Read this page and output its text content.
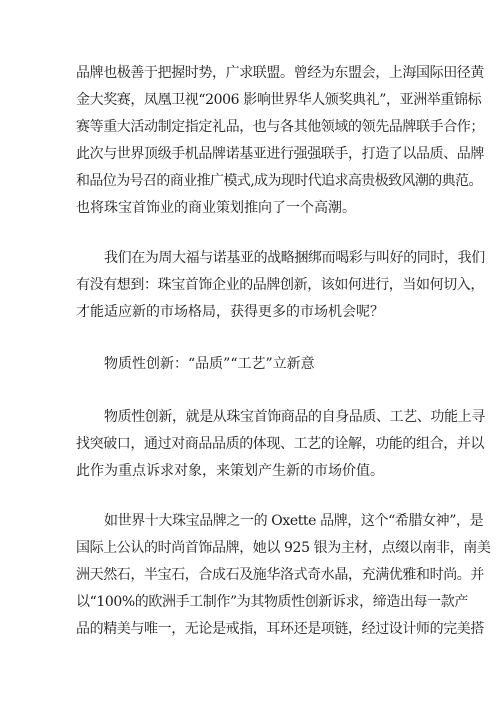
品牌也极善于把握时势，广求联盟。曾经为东盟会，上海国际田径黄
金大奖赛，凤凰卫视“2006 影响世界华人颁奖典礼”，亚洲举重锦标
赛等重大活动制定指定礼品，也与各其他领域的领先品牌联手合作；
此次与世界顶级手机品牌诺基亚进行强强联手，打造了以品质、品牌
和品位为号召的商业推广模式,成为现时代追求高贵极致风潮的典范。
也将珠宝首饰业的商业策划推向了一个高潮。
我们在为周大福与诺基亚的战略捆绑而喝彩与叫好的同时，我们
有没有想到：珠宝首饰企业的品牌创新，该如何进行，当如何切入，
才能适应新的市场格局，获得更多的市场机会呢？
物质性创新：“品质”“工艺”立新意
物质性创新，就是从珠宝首饰商品的自身品质、工艺、功能上寻
找突破口，通过对商品品质的体现、工艺的诠解，功能的组合，并以
此作为重点诉求对象，来策划产生新的市场价值。
如世界十大珠宝品牌之一的 Oxette 品牌，这个“希腊女神”，是
国际上公认的时尚首饰品牌，她以 925 银为主材，点缀以南非，南美
洲天然石，半宝石，合成石及施华洛式奇水晶，充满优雅和时尚。并
以“100%的欧洲手工制作”为其物质性创新诉求，缔造出每一款产
品的精美与唯一，无论是戒指，耳环还是项链，经过设计师的完美搭
